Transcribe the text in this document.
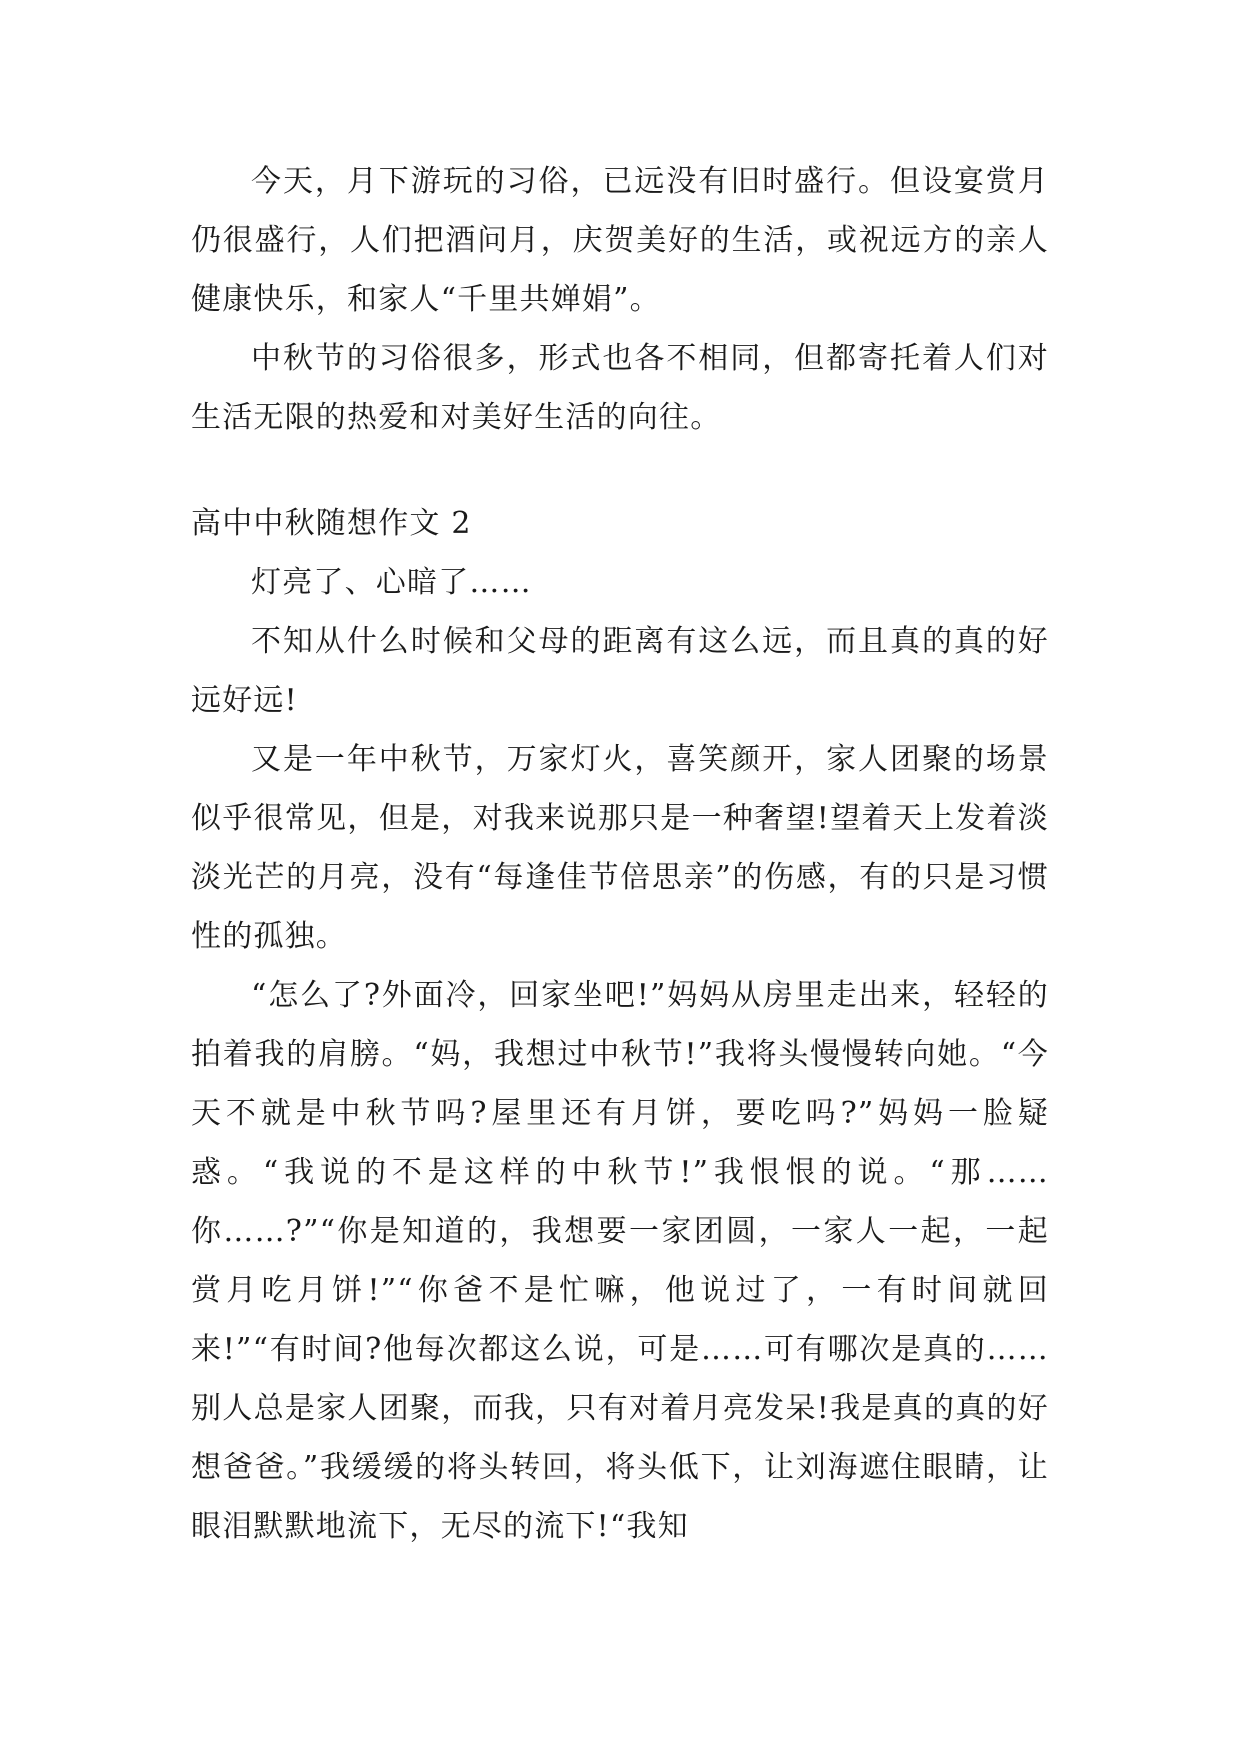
今天，月下游玩的习俗，已远没有旧时盛行。但设宴赏月仍很盛行，人们把酒问月，庆贺美好的生活，或祝远方的亲人健康快乐，和家人“千里共婵娟”。

中秋节的习俗很多，形式也各不相同，但都寄托着人们对生活无限的热爱和对美好生活的向往。

高中中秋随想作文 2

灯亮了、心暗了……

不知从什么时候和父母的距离有这么远，而且真的真的好远好远!

又是一年中秋节，万家灯火，喜笑颜开，家人团聚的场景似乎很常见，但是，对我来说那只是一种奢望!望着天上发着淡淡光芒的月亮，没有“每逢佳节倍思亲”的伤感，有的只是习惯性的孤独。

“怎么了?外面冷，回家坐吧!”妈妈从房里走出来，轻轻的拍着我的肩膀。“妈，我想过中秋节!”我将头慢慢转向她。“今天不就是中秋节吗?屋里还有月饼，要吃吗?”妈妈一脸疑惑。“我说的不是这样的中秋节!”我恨恨的说。“那……你……?”“你是知道的，我想要一家团圆，一家人一起，一起赏月吃月饼!”“你爸不是忙嘛，他说过了，一有时间就回来!”“有时间?他每次都这么说，可是……可有哪次是真的……别人总是家人团聚，而我，只有对着月亮发呆!我是真的真的好想爸爸。”我缓缓的将头转回，将头低下，让刘海遮住眼睛，让眼泪默默地流下，无尽的流下!“我知
